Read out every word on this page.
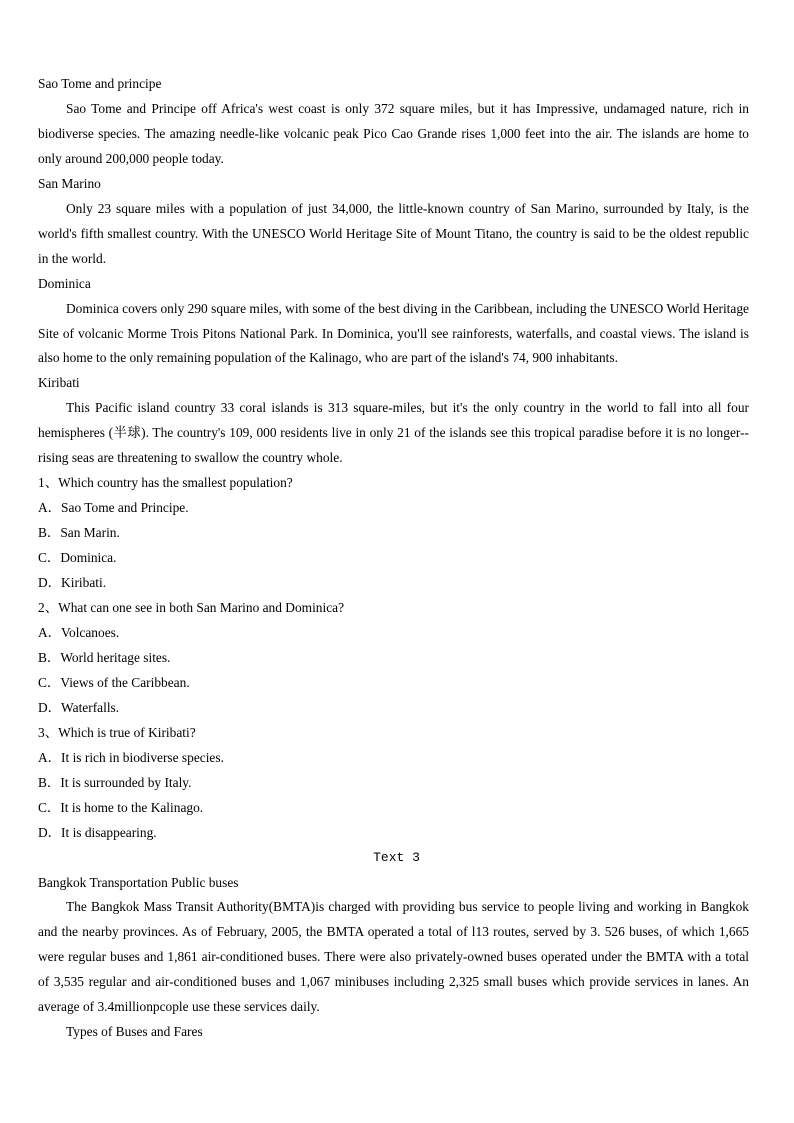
Sao Tome and principe
Sao Tome and Principe off Africa's west coast is only 372 square miles, but it has Impressive, undamaged nature, rich in biodiverse species. The amazing needle-like volcanic peak Pico Cao Grande rises 1,000 feet into the air. The islands are home to only around 200,000 people today.
San Marino
Only 23 square miles with a population of just 34,000, the little-known country of San Marino, surrounded by Italy, is the world's fifth smallest country. With the UNESCO World Heritage Site of Mount Titano, the country is said to be the oldest republic in the world.
Dominica
Dominica covers only 290 square miles, with some of the best diving in the Caribbean, including the UNESCO World Heritage Site of volcanic Morme Trois Pitons National Park. In Dominica, you'll see rainforests, waterfalls, and coastal views. The island is also home to the only remaining population of the Kalinago, who are part of the island's 74, 900 inhabitants.
Kiribati
This Pacific island country 33 coral islands is 313 square-miles, but it's the only country in the world to fall into all four hemispheres (半球). The country's 109, 000 residents live in only 21 of the islands see this tropical paradise before it is no longer--rising seas are threatening to swallow the country whole.
1、Which country has the smallest population?
A．Sao Tome and Principe.
B．San Marin.
C．Dominica.
D．Kiribati.
2、What can one see in both San Marino and Dominica?
A．Volcanoes.
B．World heritage sites.
C．Views of the Caribbean.
D．Waterfalls.
3、Which is true of Kiribati?
A．It is rich in biodiverse species.
B．It is surrounded by Italy.
C．It is home to the Kalinago.
D．It is disappearing.
Text 3
Bangkok Transportation Public buses
The Bangkok Mass Transit Authority(BMTA)is charged with providing bus service to people living and working in Bangkok and the nearby provinces. As of February, 2005, the BMTA operated a total of l13 routes, served by 3. 526 buses, of which 1,665 were regular buses and 1,861 air-conditioned buses. There were also privately-owned buses operated under the BMTA with a total of 3,535 regular and air-conditioned buses and 1,067 minibuses including 2,325 small buses which provide services in lanes. An average of 3.4millionpcople use these services daily.
Types of Buses and Fares
